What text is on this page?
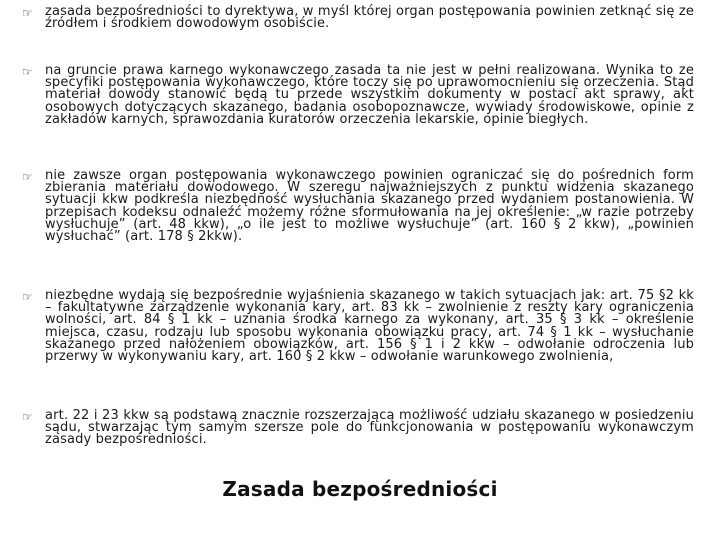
☞ zasada bezpośredniości to dyrektywa, w myśl której organ postępowania powinien zetknąć się ze źródłem i środkiem dowodowym osobiście.
☞ na gruncie prawa karnego wykonawczego zasada ta nie jest w pełni realizowana. Wynika to ze specyfiki postępowania wykonawczego, które toczy się po uprawomocnieniu się orzeczenia. Stąd materiał dowody stanowić będą tu przede wszystkim dokumenty w postaci akt sprawy, akt osobowych dotyczących skazanego, badania osobopoznawcze, wywiady środowiskowe, opinie z zakładów karnych, sprawozdania kuratorów orzeczenia lekarskie, opinie biegłych.
☞ nie zawsze organ postępowania wykonawczego powinien ograniczać się do pośrednich form zbierania materiału dowodowego. W szeregu najważniejszych z punktu widzenia skazanego sytuacji kkw podkreśla niezbędność wysłuchania skazanego przed wydaniem postanowienia. W przepisach kodeksu odnaleźć możemy różne sformułowania na jej określenie: „w razie potrzeby wysłuchuje” (art. 48 kkw), „o ile jest to możliwe wysłuchuje” (art. 160 § 2 kkw), „powinien wysłuchać” (art. 178 § 2kkw).
☞ niezbędne wydają się bezpośrednie wyjaśnienia skazanego w takich sytuacjach jak: art. 75 §2 kk – fakultatywne zarządzenie wykonania kary, art. 83 kk – zwolnienie z reszty kary ograniczenia wolności, art. 84 § 1 kk – uznania środka karnego za wykonany, art. 35 § 3 kk – określenie miejsca, czasu, rodzaju lub sposobu wykonania obowiązku pracy, art. 74 § 1 kk – wysłuchanie skazanego przed nałożeniem obowiązków, art. 156 § 1 i 2 kkw – odwołanie odroczenia lub przerwy w wykonywaniu kary, art. 160 § 2 kkw – odwołanie warunkowego zwolnienia,
☞ art. 22 i 23 kkw są podstawą znacznie rozszerzającą możliwość udziału skazanego w posiedzeniu sądu, stwarzając tym samym szersze pole do funkcjonowania w postępowaniu wykonawczym zasady bezpośredniości.
Zasada bezpośredniości
